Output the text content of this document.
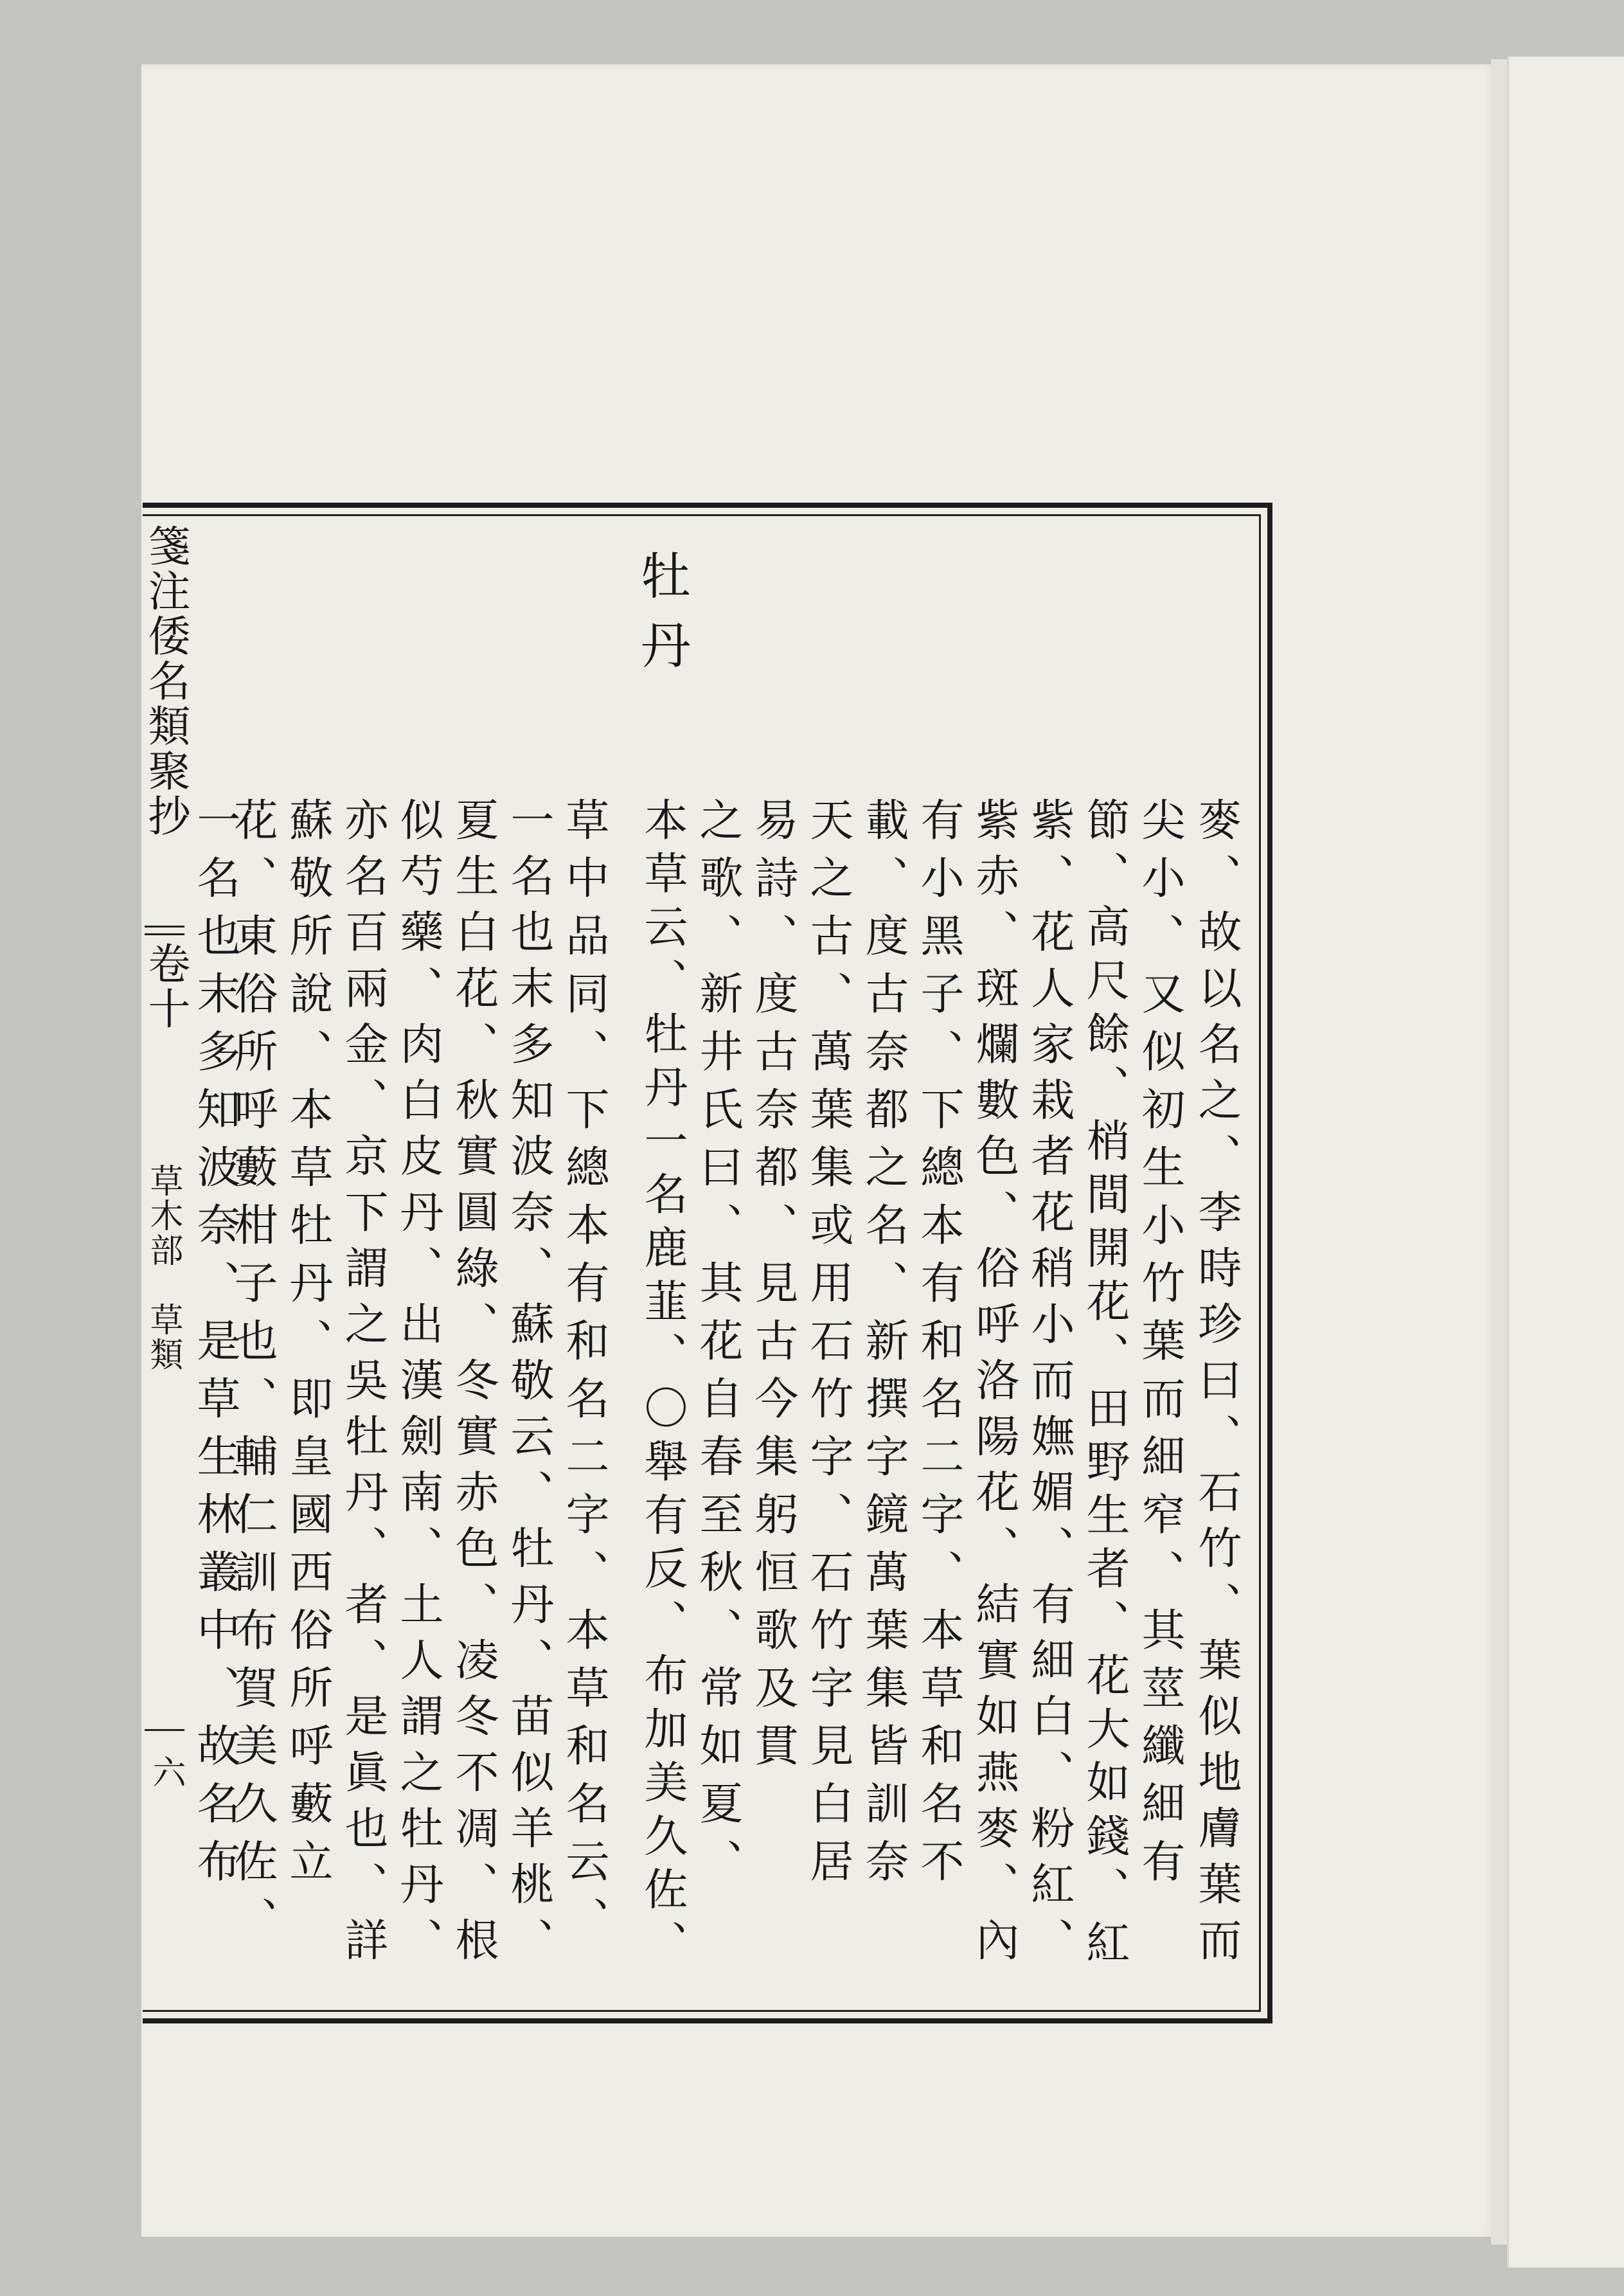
箋注倭名類聚抄
卷十
草木部　草類
六
牡丹
麥、故以名之、李時珍曰、石竹、葉似地膚葉而
尖小、又似初生小竹葉而細窄、其莖纖細有
節、高尺餘、梢間開花、田野生者、花大如錢、紅
紫、花人家栽者花稍小而嫵媚、有細白、粉紅、
紫赤、斑爛數色、俗呼洛陽花、結實如燕麥、內
有小黑子、下總本有和名二字、本草和名不
載、度古奈都之名、新撰字鏡萬葉集皆訓奈
天之古、萬葉集或用石竹字、石竹字見白居
易詩、度古奈都、見古今集躬恒歌及貫
之歌、新井氏曰、其花自春至秋、常如夏、
本草云、牡丹一名鹿韮、〇舉有反、布加美久佐、
草中品同、下總本有和名二字、本草和名云、
一名也末多知波奈、蘇敬云、牡丹、苗似羊桃、
夏生白花、秋實圓綠、冬實赤色、凌冬不凋、根
似芍藥、肉白皮丹、出漢劍南、土人謂之牡丹、
亦名百兩金、京下謂之吳牡丹、者、是眞也、詳
蘇敬所說、本草牡丹、即皇國西俗所呼藪立
花、東俗所呼藪柑子也、輔仁訓布賀美久佐、
一名也末多知波奈、是草生林叢中、故名布
